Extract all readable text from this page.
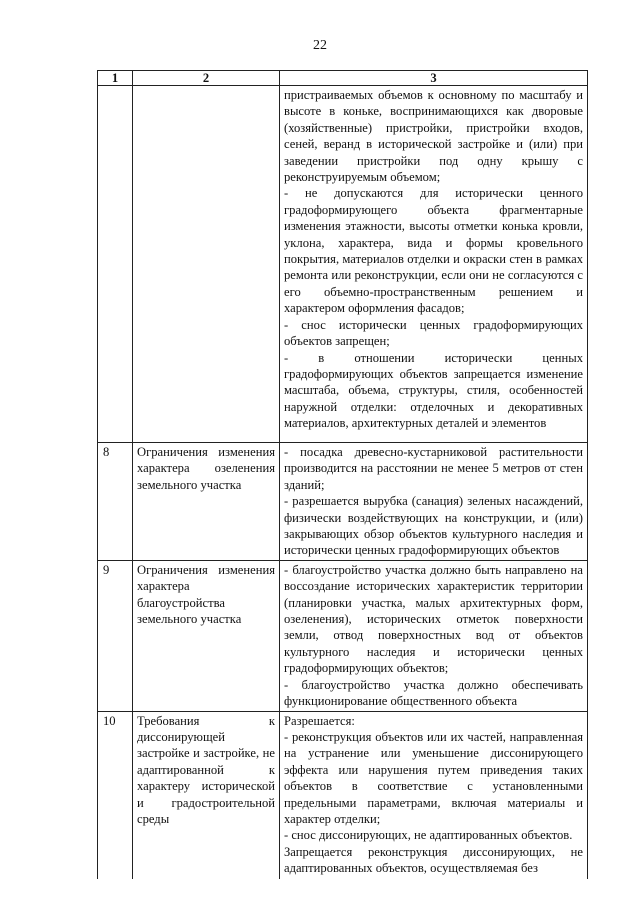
22
1	2	3

		пристраиваемых объемов к основному по масштабу и высоте в коньке, воспринимающихся как дворовые (хозяйственные) пристройки, пристройки входов, сеней, веранд в исторической застройке и (или) при заведении пристройки под одну крышу с реконструируемым объемом;

- не допускаются для исторически ценного градоформирующего объекта фрагментарные изменения этажности, высоты отметки конька кровли, уклона, характера, вида и формы кровельного покрытия, материалов отделки и окраски стен в рамках ремонта или реконструкции, если они не согласуются с его объемно-пространственным решением и характером оформления фасадов;

- снос исторически ценных градоформирующих объектов запрещен;

- в отношении исторически ценных градоформирующих объектов запрещается изменение масштаба, объема, структуры, стиля, особенностей наружной отделки: отделочных и декоративных материалов, архитектурных деталей и элементов

8	Ограничения изменения характера озеленения земельного участка	- посадка древесно-кустарниковой растительности производится на расстоянии не менее 5 метров от стен зданий;

- разрешается вырубка (санация) зеленых насаждений, физически воздействующих на конструкции, и (или) закрывающих обзор объектов культурного наследия и исторически ценных градоформирующих объектов

9	Ограничения изменения характера благоустройства земельного участка	- благоустройство участка должно быть направлено на воссоздание исторических характеристик территории (планировки участка, малых архитектурных форм, озеленения), исторических отметок поверхности земли, отвод поверхностных вод от объектов культурного наследия и исторически ценных градоформирующих объектов;

- благоустройство участка должно обеспечивать функционирование общественного объекта

10	Требования к диссонирующей застройке и застройке, не адаптированной к характеру исторической и градостроительной среды	Разрешается:

- реконструкция объектов или их частей, направленная на устранение или уменьшение диссонирующего эффекта или нарушения путем приведения таких объектов в соответствие с установленными предельными параметрами, включая материалы и характер отделки;

- снос диссонирующих, не адаптированных объектов.

Запрещается реконструкция диссонирующих, не адаптированных объектов, осуществляемая без
